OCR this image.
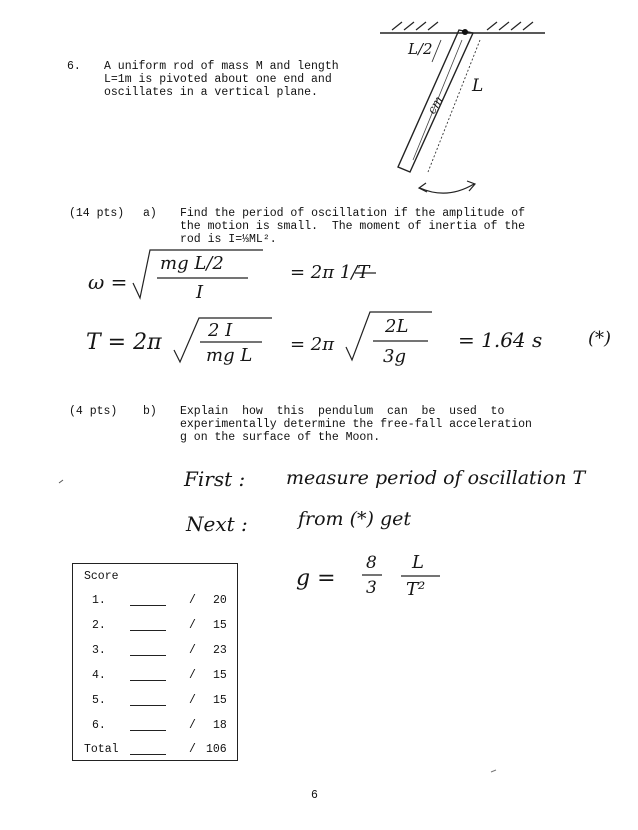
6. A uniform rod of mass M and length
L=1m is pivoted about one end and
oscillates in a vertical plane.
L/2
L
cm
(14 pts) a) Find the period of oscillation if the amplitude of
the motion is small.  The moment of inertia of the
rod is I=⅓ML².
ω =
mg L/2
I
= 2π 1/T
T = 2π	2 I
mg L
= 2π
2L
3g
= 1.64 s	(*)
(4 pts) b) Explain  how  this  pendulum  can  be  used  to
experimentally determine the free-fall acceleration
g on the surface of the Moon.
First : measure period of oscillation T
Next :	from (*) get
g =
8
3
L
T²
Score
1.	/ 20
2.	/ 15
3.	/ 23
4.	/ 15
5.	/ 15
6.	/ 18
Total	/ 106
6
